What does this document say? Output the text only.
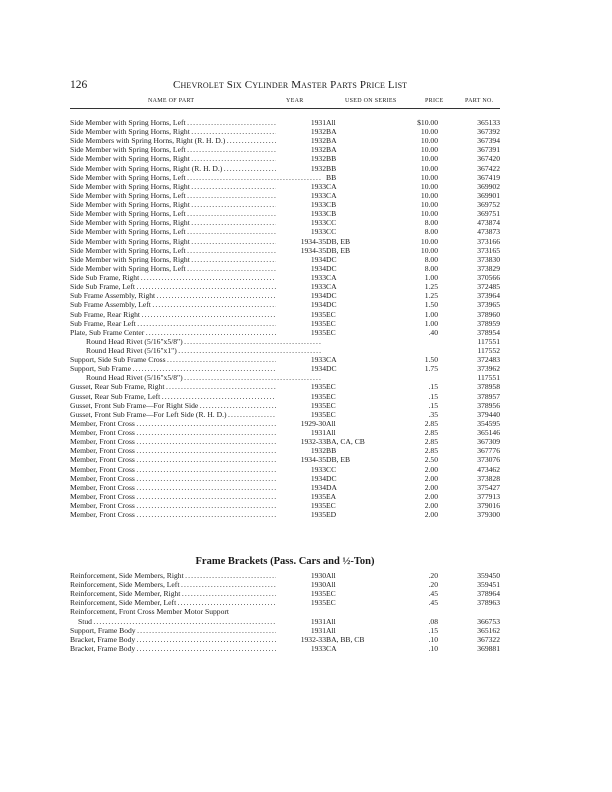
126	Chevrolet Six Cylinder Master Parts Price List
NAME OF PART	YEAR	USED ON SERIES	PRICE	PART NO.
Side Member with Spring Horns, Left . . .	1931 All	$10.00	365133
Side Member with Spring Horns, Right . . .	1932 BA	10.00	367392
Side Members with Spring Horns, Right (R. H. D.) . . .	1932 BA	10.00	367394
Side Member with Spring Horns, Left . . .	1932 BA	10.00	367391
Side Member with Spring Horns, Right . . .	1932 BB	10.00	367420
Side Member with Spring Horns, Right (R. H. D.) . . .	1932 BB	10.00	367422
Side Member with Spring Horns, Left . . .	BB	10.00	367419
Side Member with Spring Horns, Right . . .	1933 CA	10.00	369902
Side Member with Spring Horns, Left . . .	1933 CA	10.00	369901
Side Member with Spring Horns, Right . . .	1933 CB	10.00	369752
Side Member with Spring Horns, Left . . .	1933 CB	10.00	369751
Side Member with Spring Horns, Right . . .	1933 CC	8.00	473874
Side Member with Spring Horns, Left . . .	1933 CC	8.00	473873
Side Member with Spring Horns, Right . . .	1934-35 DB, EB	10.00	373166
Side Member with Spring Horns, Left . . .	1934-35 DB, EB	10.00	373165
Side Member with Spring Horns, Right . . .	1934 DC	8.00	373830
Side Member with Spring Horns, Left . . .	1934 DC	8.00	373829
Side Sub Frame, Right . . .	1933 CA	1.00	370566
Side Sub Frame, Left . . .	1933 CA	1.25	372485
Sub Frame Assembly, Right . . .	1934 DC	1.25	373964
Sub Frame Assembly, Left . . .	1934 DC	1.50	373965
Sub Frame, Rear Right . . .	1935 EC	1.00	378960
Sub Frame, Rear Left . . .	1935 EC	1.00	378959
Plate, Sub Frame Center . . .	1935 EC	.40	378954
Round Head Rivet (5/16"x5/8") . . .	117551
Round Head Rivet (5/16"x1") . . .	117552
Support, Side Sub Frame Cross . . .	1933 CA	1.50	372483
Support, Sub Frame . . .	1934 DC	1.75	373962
Round Head Rivet (5/16"x5/8") . . .	117551
Gusset, Rear Sub Frame, Right . . .	1935 EC	.15	378958
Gusset, Rear Sub Frame, Left . . .	1935 EC	.15	378957
Gusset, Front Sub Frame—For Right Side . . .	1935 EC	.15	378956
Gusset, Front Sub Frame—For Left Side (R. H. D.) . . .	1935 EC	.35	379440
Member, Front Cross . . .	1929-30 All	2.85	354595
Member, Front Cross . . .	1931 All	2.85	365146
Member, Front Cross . . .	1932-33 BA, CA, CB	2.85	367309
Member, Front Cross . . .	1932 BB	2.85	367776
Member, Front Cross . . .	1934-35 DB, EB	2.50	373076
Member, Front Cross . . .	1933 CC	2.00	473462
Member, Front Cross . . .	1934 DC	2.00	373828
Member, Front Cross . . .	1934 DA	2.00	375427
Member, Front Cross . . .	1935 EA	2.00	377913
Member, Front Cross . . .	1935 EC	2.00	379016
Member, Front Cross . . .	1935 ED	2.00	379300
Frame Brackets (Pass. Cars and ½-Ton)
Reinforcement, Side Members, Right . . .	1930 All	.20	359450
Reinforcement, Side Members, Left . . .	1930 All	.20	359451
Reinforcement, Side Member, Right . . .	1935 EC	.45	378964
Reinforcement, Side Member, Left . . .	1935 EC	.45	378963
Reinforcement, Front Cross Member Motor Support
Stud . . .	1931 All	.08	366753
Support, Frame Body . . .	1931 All	.15	365162
Bracket, Frame Body . . .	1932-33 BA, BB, CB	.10	367322
Bracket, Frame Body . . .	1933 CA	.10	369881
